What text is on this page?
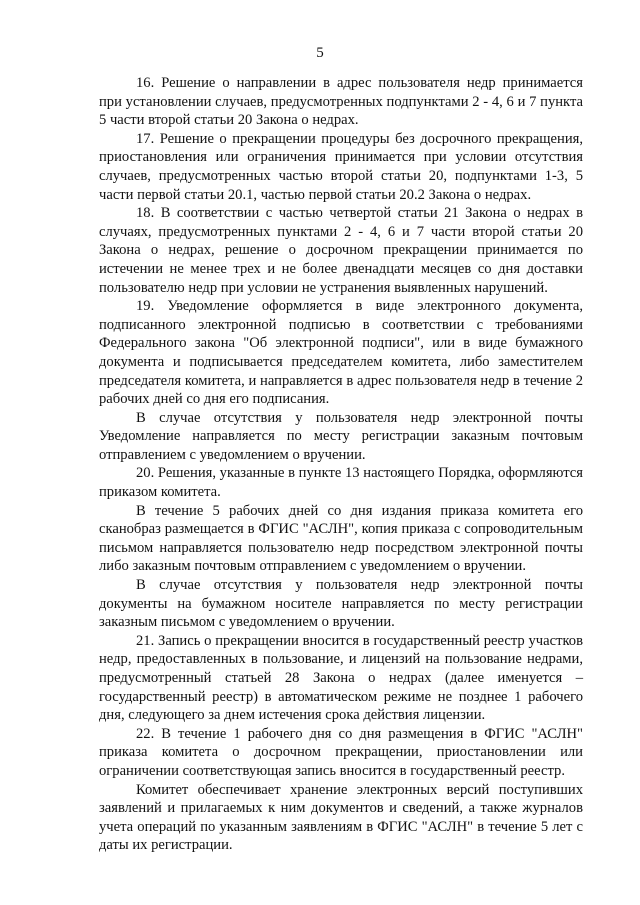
5

16. Решение о направлении в адрес пользователя недр принимается при установлении случаев, предусмотренных подпунктами 2 - 4, 6 и 7 пункта 5 части второй статьи 20 Закона о недрах.

17. Решение о прекращении процедуры без досрочного прекращения, приостановления или ограничения принимается при условии отсутствия случаев, предусмотренных частью второй статьи 20, подпунктами 1-3, 5 части первой статьи 20.1, частью первой статьи 20.2 Закона о недрах.

18. В соответствии с частью четвертой статьи 21 Закона о недрах в случаях, предусмотренных пунктами 2 - 4, 6 и 7 части второй статьи 20 Закона о недрах, решение о досрочном прекращении принимается по истечении не менее трех и не более двенадцати месяцев со дня доставки пользователю недр при условии не устранения выявленных нарушений.

19. Уведомление оформляется в виде электронного документа, подписанного электронной подписью в соответствии с требованиями Федерального закона "Об электронной подписи", или в виде бумажного документа и подписывается председателем комитета, либо заместителем председателя комитета, и направляется в адрес пользователя недр в течение 2 рабочих дней со дня его подписания.

В случае отсутствия у пользователя недр электронной почты Уведомление направляется по месту регистрации заказным почтовым отправлением с уведомлением о вручении.

20. Решения, указанные в пункте 13 настоящего Порядка, оформляются приказом комитета.

В течение 5 рабочих дней со дня издания приказа комитета его сканобраз размещается в ФГИС "АСЛН", копия приказа с сопроводительным письмом направляется пользователю недр посредством электронной почты либо заказным почтовым отправлением с уведомлением о вручении.

В случае отсутствия у пользователя недр электронной почты документы на бумажном носителе направляется по месту регистрации заказным письмом с уведомлением о вручении.

21. Запись о прекращении вносится в государственный реестр участков недр, предоставленных в пользование, и лицензий на пользование недрами, предусмотренный статьей 28 Закона о недрах (далее именуется – государственный реестр) в автоматическом режиме не позднее 1 рабочего дня, следующего за днем истечения срока действия лицензии.

22. В течение 1 рабочего дня со дня размещения в ФГИС "АСЛН" приказа комитета о досрочном прекращении, приостановлении или ограничении соответствующая запись вносится в государственный реестр.

Комитет обеспечивает хранение электронных версий поступивших заявлений и прилагаемых к ним документов и сведений, а также журналов учета операций по указанным заявлениям в ФГИС "АСЛН" в течение 5 лет с даты их регистрации.
